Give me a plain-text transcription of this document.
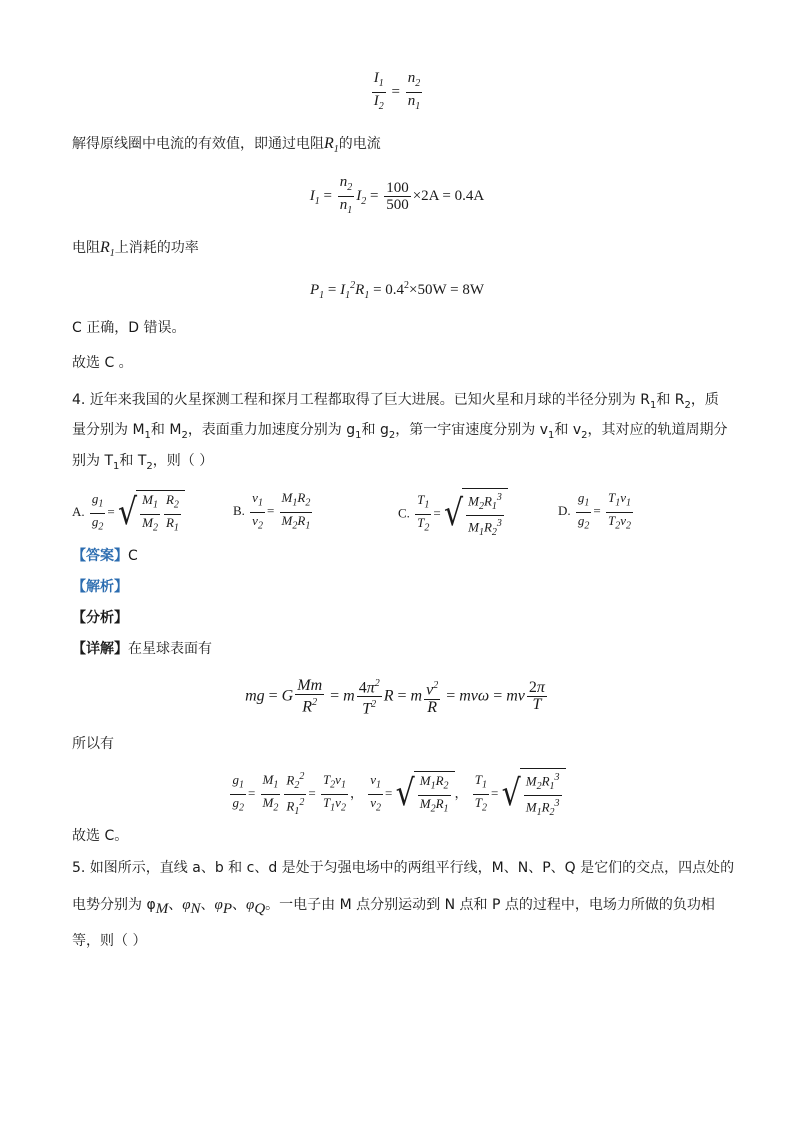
$\frac{I_1}{I_2} = \frac{n_2}{n_1}$
解得原线圈中电流的有效值，即通过电阻$R_1$的电流
$I_1 = \frac{n_2}{n_1} I_2 = \frac{100}{500} \times 2A = 0.4A$
电阻$R_1$上消耗的功率
$P_1 = I_1^2R_1 = 0.4^2\times 50W = 8W$
C 正确，D 错误。
故选 C 。
4. 近年来我国的火星探测工程和探月工程都取得了巨大进展。已知火星和月球的半径分别为 $R_1$和 $R_2$，质
量分别为 $M_1$和 $M_2$，表面重力加速度分别为 $g_1$和 $g_2$，第一宇宙速度分别为 $v_1$和 $v_2$，其对应的轨道周期分
别为 $T_1$和 $T_2$，则（ ）
A. $\frac{g_1}{g_2}$ = √ $\frac{M_1}{M_2} \frac{R_2}{R_1}$	B. $\frac{v_1}{v_2} = \frac{M_1R_2}{M_2R_1}$	C. $\frac{T_1}{T_2}$ = √ $\frac{M_2R_1^3}{M_1R_2^3}$	D. $\frac{g_1}{g_2} = \frac{T_1v_1}{T_2v_2}$
【答案】C
【解析】
【分析】
【详解】在星球表面有
mg = G $\frac{Mm}{R^2} = m \frac{4\pi^2}{T^2}$ R = m $\frac{v^2}{R} = mv\omega$ = mv $\frac{2\pi}{T}$
所以有
$\frac{g_1}{g_2} = \frac{M_1}{M_2} \frac{R_2^2}{R_1^2} = \frac{T_2v_1}{T_1v_2}$ ， $\frac{v_1}{v_2}$ = √ $\frac{M_1R_2}{M_2R_1}$ ， $\frac{T_1}{T_2}$ = √ $\frac{M_2R_1^3}{M_1R_2^3}$
故选 C。
5. 如图所示，直线 a、b 和 c、d 是处于匀强电场中的两组平行线，M、N、P、Q 是它们的交点，四点处的
电势分别为 $\varphi_M$、$\varphi_N$、$\varphi_P$、$\varphi_Q$。一电子由 M 点分别运动到 N 点和 P 点的过程中，电场力所做的负功相
等，则（ ）
